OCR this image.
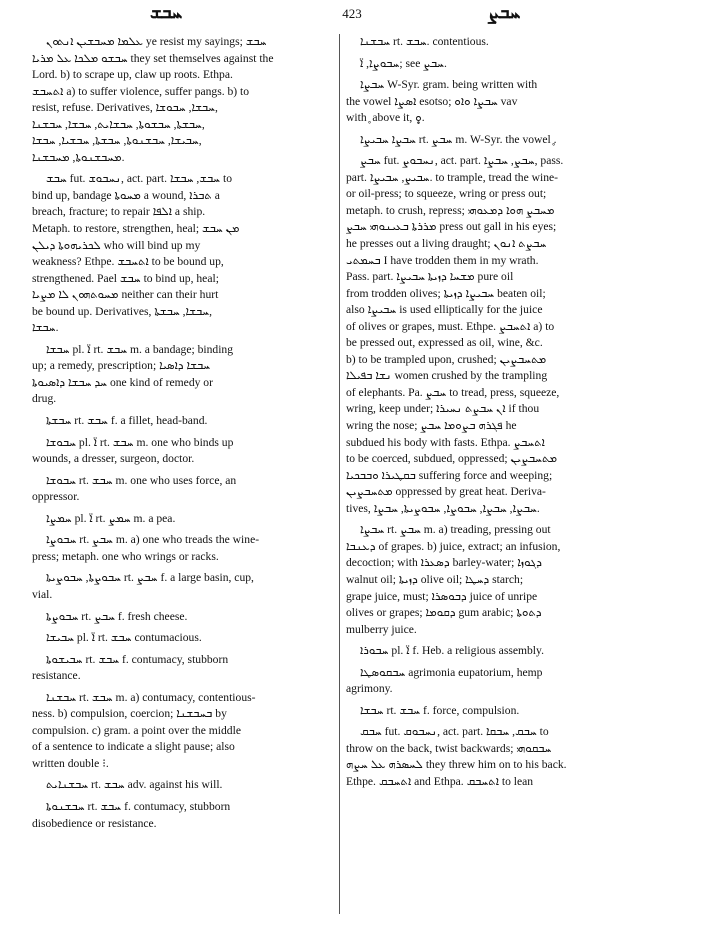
ܚܒܫ	423	ܚܒܨ
ܥܠܡܐ ܡܚܒܫܝܢ ܐܢܬܘܢ ye resist my sayings; ܚܒܫ
ܚܒܫܘ ܡܠܟܐ ܥܠ ܡܪܝܐ they set themselves against the
Lord. b) to scrape up, claw up roots. Ethpa.
ܐܬܚܒܫ a) to suffer violence, suffer pangs. b) to
resist, refuse. Derivatives, ܚܒܫܐ, ܚܒܘܫܐ,
ܚܒܫܬܐ, ܚܒܫܘܬܐ, ܚܒܫܐܝܬ, ܚܒܫܐ, ܚܒܫܢܐ,
ܚܒܝܫܐ, ܚܒܫܢܘܬܐ, ܚܒܫܬܐ, ܚܒܫܝܐ, ܚܒܫܐ,
ܡܚܒܫܢܘܬܐ, ܡܚܒܫܢܐ.
ܚܒܫ fut. ܢܚܒܘܫ, act. part. ܚܒܫ, ܚܒܫܐ to
bind up, bandage ܡܚܘܬܐ a wound, ܬܒܪܐ a
breach, fracture; to repair ܐܠܦܐ a ship.
Metaph. to restore, strengthen, heal; ܡܢ ܚܒܫ
ܠܟܪܝܗܘܬܐ ܕܝܠܢ who will bind up my
weakness? Ethpe. ܐܬܚܒܫ to be bound up,
strengthened. Pael ܚܒܫ to bind up, heal;
ܡܚܘܬܗܘܢ ܠܐ ܡܨܝܐ neither can their hurt
be bound up. Derivatives, ܚܒܫܐ, ܚܒܫܬܐ,
ܚܒܫܐ.
ܚܒܫܐ pl. ܐ̈ rt. ܚܒܫ m. a bandage; binding
up; a remedy, prescription; ܚܒܫܐ ܕܐܣܝܐ
ܚܕ ܚܒܫܐ ܕܐܣܝܘܬܐ one kind of remedy or
drug.
ܚܒܫܬܐ rt. ܚܒܫ f. a fillet, head-band.
ܚܒܘܫܐ pl. ܐ̈ rt. ܚܒܫ m. one who binds up
wounds, a dresser, surgeon, doctor.
ܚܒܘܫܐ rt. ܚܒܫ m. one who uses force, an
oppressor.
ܚܡܨܐ pl. ܐ̈ rt. ܚܡܨ m. a pea.
ܚܒܘܨܐ rt. ܚܒܨ m. a) one who treads the wine-
press; metaph. one who wrings or racks.
ܚܒܘܨܬܐ, ܚܒܘܨܝܬܐ rt. ܚܒܨ f. a large basin, cup,
vial.
ܚܒܘܨܬܐ rt. ܚܒܨ f. fresh cheese.
ܚܒܝܫܐ pl. ܐ̈ rt. ܚܒܫ contumacious.
ܚܒܝܫܘܬܐ rt. ܚܒܫ f. contumacy, stubborn
resistance.
ܚܒܫܢܐ rt. ܚܒܫ m. a) contumacy, contentious-
ness. b) compulsion, coercion; ܒܚܒܫܢܐ by
compulsion. c) gram. a point over the middle
of a sentence to indicate a slight pause; also
written double ⁝.
ܚܒܫܢܐܝܬ rt. ܚܒܫ adv. against his will.
ܚܒܫܢܘܬܐ rt. ܚܒܫ f. contumacy, stubborn
disobedience or resistance.
ܚܒܫܢܐ rt. ܚܒܫ. contentious.
ܚܒܘܨܐ, ܐ̈; see ܚܒܨ.
ܚܒܨܐ W-Syr. gram. being written with
the vowel ܐܣܨܐ esotso; ܚܒܨܐ ܘܐܘ vav
with ̥ above it, ܘ̥.
ܚܒܨܐ ܚܒܝܨܐ rt. ܚܒܨ m. W-Syr. the vowel ̥.
ܚܒܨ fut. ܢܚܒܘܨ, act. part. ܚܒܨ, ܚܒܨܐ, pass.
part. ܚܒܝܨ, ܚܒܝܨܐ. to trample, tread the wine-
or oil-press; to squeeze, wring or press out;
metaph. to crush, repress; ܡܚܒܨ ܗܘܐ ܕܡܥܘܗܝ
ܡܪܪܬܐ ܒܥܝܢܘܗܝ ܚܒܨ press out gall in his eyes;
he presses out a living draught; ܚܒܨܬ ܐܢܘܢ
ܒܚܡܬܝ I have trodden them in my wrath.
Pass. part. ܡܫܚܐ ܕܙܝܬܐ ܚܒܝܨܐ pure oil
from trodden olives; ܚܒܝܨܐ ܕܙܝܬܐ beaten oil;
also ܚܒܝܨܐ is used elliptically for the juice
of olives or grapes, must. Ethpe. ܐܬܚܒܨ a) to
be pressed out, expressed as oil, wine, &c.
b) to be trampled upon, crushed; ܡܬܚܒܨܝܢ
ܢܫܐ ܒܦܝܠܐ women crushed by the trampling
of elephants. Pa. ܚܒܨ to tread, press, squeeze,
wring, keep under; ܐܢ ܚܒܨܬ ܢܚܝܪܐ if thou
wring the nose; ܦܓܪܗ ܒܨܘܡܐ ܚܒܨ he
subdued his body with fasts. Ethpa. ܐܬܚܒܨ
to be coerced, subdued, oppressed; ܡܬܚܒܨܝܢ
ܒܩܛܝܪܐ ܘܒܒܟܝܐ suffering force and weeping;
ܡܬܚܒܨܝܢ oppressed by great heat. Deriva-
tives, ܚܒܨܐ, ܚܒܨܐ, ܚܒܘܨܐ, ܚܒܘܨܝܬܐ, ܚܒܨܐ.
ܚܒܨܐ rt. ܚܒܨ m. a) treading, pressing out
ܕܥܢܒܐ of grapes. b) juice, extract; an infusion,
decoction; with ܕܣܥܪܐ barley-water; ܕܓܘܙܐ
walnut oil; ܕܙܝܬܐ olive oil; ܕܚܛܐ starch;
grape juice, must; ܕܒܘܣܪܐ juice of unripe
olives or grapes; ܕܩܘܡܐ gum arabic; ܕܬܘܬܐ
mulberry juice.
ܚܒܘܪܐ pl. ܐ̈ f. Heb. a religious assembly.
ܚܒܩܘܣܛܐ agrimonia eupatorium, hemp
agrimony.
ܚܒܫܐ rt. ܚܒܫ f. force, compulsion.
ܚܒܩ fut. ܢܚܒܘܩ, act. part. ܚܒܩ, ܚܒܩܐ to
throw on the back, twist backwards; ܚܒܩܘܗܝ
ܠܚܣܪܗ ܥܠ ܚܨܗ they threw him on to his back.
Ethpe. ܐܬܚܒܩ and Ethpa. ܐܬܚܒܩ to lean
